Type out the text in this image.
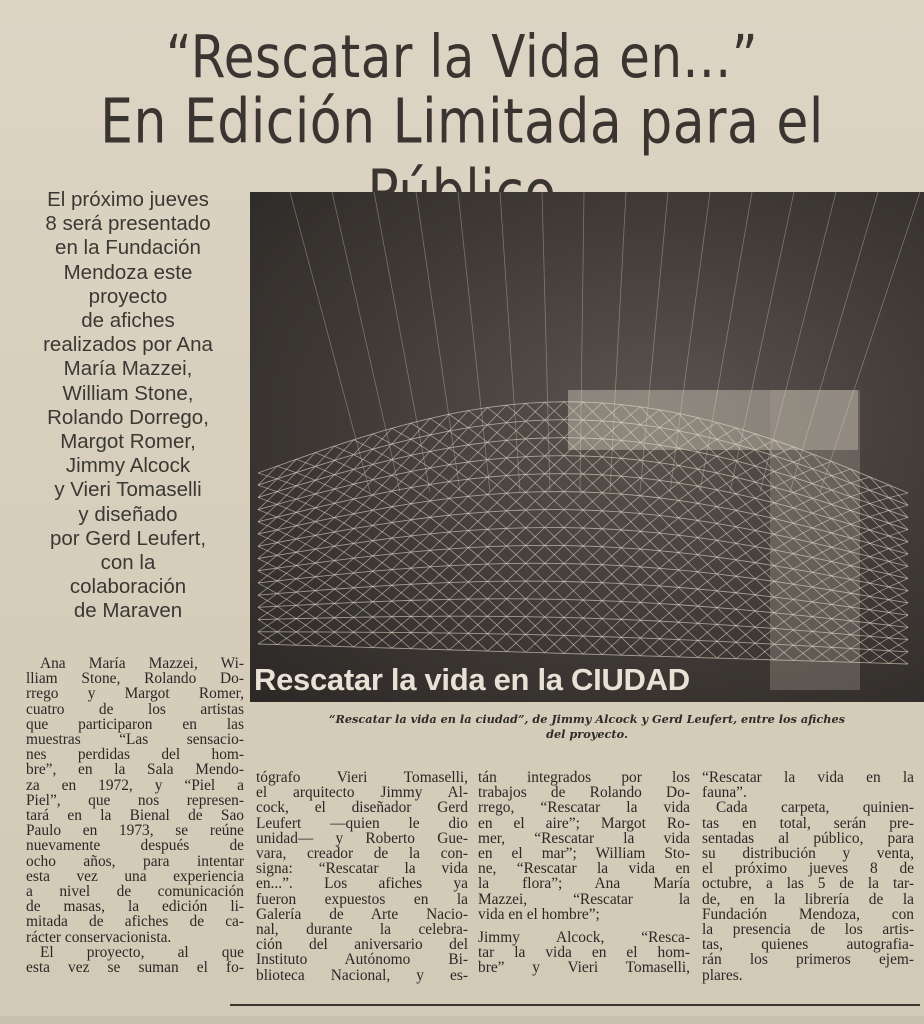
“Rescatar la Vida en...”
En Edición Limitada para el
El próximo jueves
8 será presentado
en la Fundación
Mendoza este
proyecto
de afiches
realizados por Ana
María Mazzei,
William Stone,
Rolando Dorrego,
Margot Romer,
Jimmy Alcock
y Vieri Tomaselli
y diseñado
por Gerd Leufert,
con la
colaboración
de Maraven
Rescatar la vida en la CIUDAD
“Rescatar la vida en la ciudad”, de Jimmy Alcock y Gerd Leufert, entre los afiches
del proyecto.
Ana María Mazzei, Wi-
lliam Stone, Rolando Do-
rrego y Margot Romer,
cuatro de los artistas
que participaron en las
muestras “Las sensacio-
nes perdidas del hom-
bre”, en la Sala Mendo-
za en 1972, y “Piel a
Piel”, que nos represen-
tará en la Bienal de Sao
Paulo en 1973, se reúne
nuevamente después de
ocho años, para intentar
esta vez una experiencia
a nivel de comunicación
de masas, la edición li-
mitada de afiches de ca-
rácter conservacionista.
El proyecto, al que
esta vez se suman el fo-
tógrafo Vieri Tomaselli,
el arquitecto Jimmy Al-
cock, el diseñador Gerd
Leufert —quien le dio
unidad— y Roberto Gue-
vara, creador de la con-
signa: “Rescatar la vida
en...”. Los afiches ya
fueron expuestos en la
Galería de Arte Nacio-
nal, durante la celebra-
ción del aniversario del
Instituto Autónomo Bi-
blioteca Nacional, y es-
tán integrados por los
trabajos de Rolando Do-
rrego, “Rescatar la vida
en el aire”; Margot Ro-
mer, “Rescatar la vida
en el mar”; William Sto-
ne, “Rescatar la vida en
la flora”; Ana María
Mazzei, “Rescatar la
vida en el hombre”;
Jimmy Alcock, “Resca-
tar la vida en el hom-
bre” y Vieri Tomaselli,
“Rescatar la vida en la
fauna”.
Cada carpeta, quinien-
tas en total, serán pre-
sentadas al público, para
su distribución y venta,
el próximo jueves 8 de
octubre, a las 5 de la tar-
de, en la librería de la
Fundación Mendoza, con
la presencia de los artis-
tas, quienes autografia-
rán los primeros ejem-
plares.
